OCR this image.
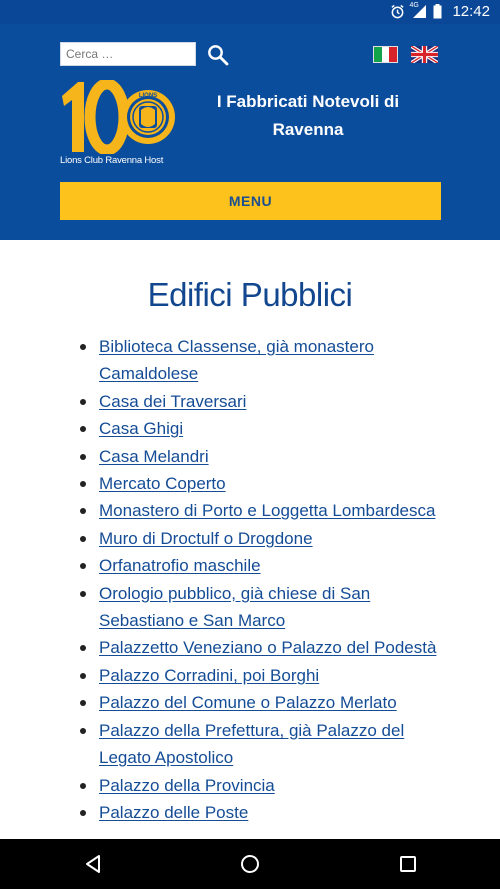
4G 12:42
Cerca …
LIONS
Lions Club Ravenna Host
I Fabbricati Notevoli di Ravenna
MENU
Edifici Pubblici
Biblioteca Classense, già monastero Camaldolese
Casa dei Traversari
Casa Ghigi
Casa Melandri
Mercato Coperto
Monastero di Porto e Loggetta Lombardesca
Muro di Droctulf o Drogdone
Orfanatrofio maschile
Orologio pubblico, già chiese di San Sebastiano e San Marco
Palazzetto Veneziano o Palazzo del Podestà
Palazzo Corradini, poi Borghi
Palazzo del Comune o Palazzo Merlato
Palazzo della Prefettura, già Palazzo del Legato Apostolico
Palazzo della Provincia
Palazzo delle Poste
